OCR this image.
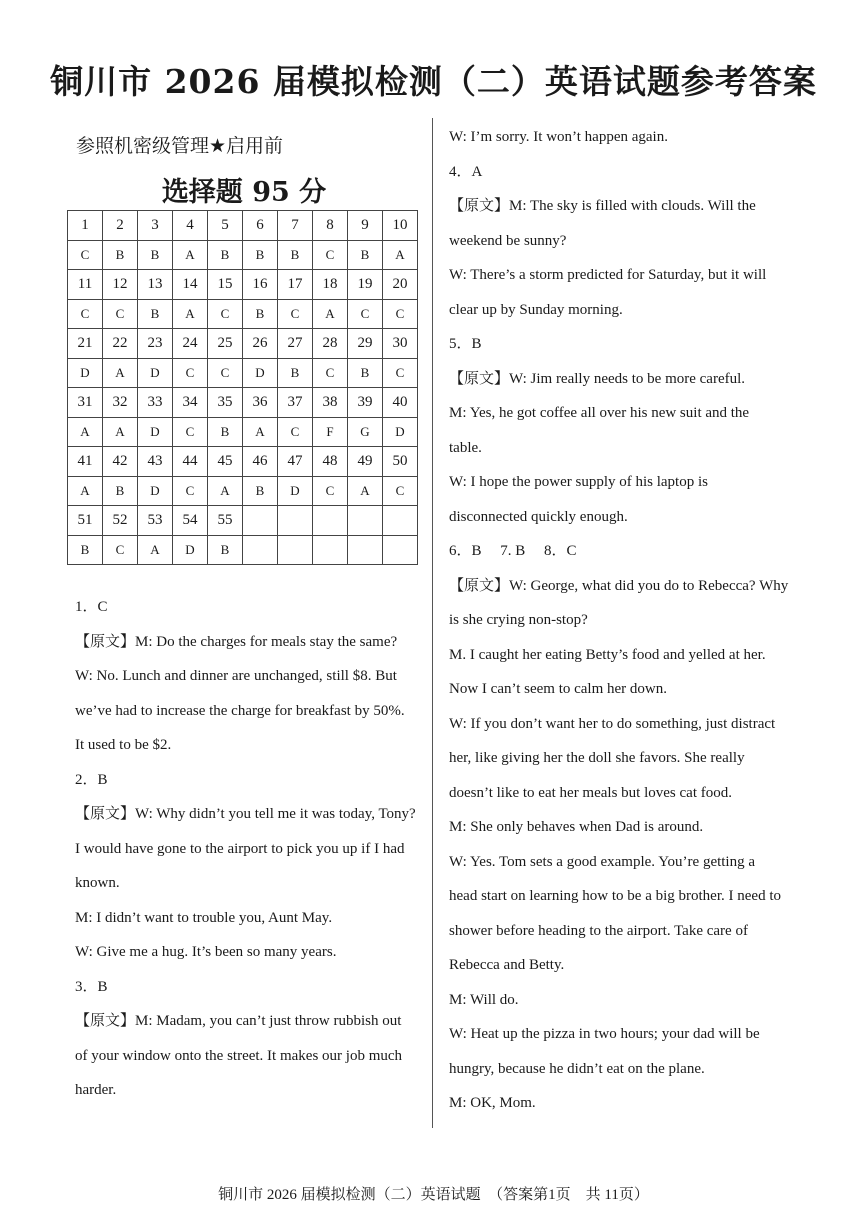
铜川市 2026 届模拟检测（二）英语试题参考答案
参照机密级管理★启用前
选择题 95 分
1	2	3	4	5	6	7	8	9	10
C	B	B	A	B	B	B	C	B	A
11	12	13	14	15	16	17	18	19	20
C	C	B	A	C	B	C	A	C	C
21	22	23	24	25	26	27	28	29	30
D	A	D	C	C	D	B	C	B	C
31	32	33	34	35	36	37	38	39	40
A	A	D	C	B	A	C	F	G	D
41	42	43	44	45	46	47	48	49	50
A	B	D	C	A	B	D	C	A	C
51	52	53	54	55					
B	C	A	D	B					

1．C

【原文】M: Do the charges for meals stay the same?

W: No. Lunch and dinner are unchanged, still $8. But

we’ve had to increase the charge for breakfast by 50%.

It used to be $2.

2．B

【原文】W: Why didn’t you tell me it was today, Tony?

I would have gone to the airport to pick you up if I had

known.

M: I didn’t want to trouble you, Aunt May.

W: Give me a hug. It’s been so many years.

3．B

【原文】M: Madam, you can’t just throw rubbish out

of your window onto the street. It makes our job much

harder.

W: I’m sorry. It won’t happen again.

4．A

【原文】M: The sky is filled with clouds. Will the

weekend be sunny?

W: There’s a storm predicted for Saturday, but it will

clear up by Sunday morning.

5．B

【原文】W: Jim really needs to be more careful.

M: Yes, he got coffee all over his new suit and the

table.

W: I hope the power supply of his laptop is

disconnected quickly enough.

6．B　 7. B　 8．C

【原文】W: George, what did you do to Rebecca? Why

is she crying non-stop?

M. I caught her eating Betty’s food and yelled at her.

Now I can’t seem to calm her down.

W: If you don’t want her to do something, just distract

her, like giving her the doll she favors. She really

doesn’t like to eat her meals but loves cat food.

M: She only behaves when Dad is around.

W: Yes. Tom sets a good example. You’re getting a

head start on learning how to be a big brother. I need to

shower before heading to the airport. Take care of

Rebecca and Betty.

M: Will do.

W: Heat up the pizza in two hours; your dad will be

hungry, because he didn’t eat on the plane.

M: OK, Mom.

铜川市 2026 届模拟检测（二）英语试题　（答案第1页　共 11页）
